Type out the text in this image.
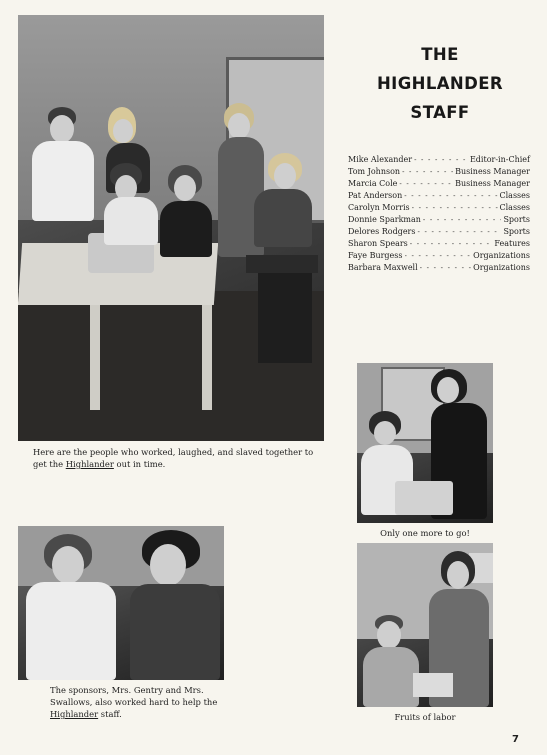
Here are the people who worked, laughed, and slaved together to get the Highlander out in time.
THE
HIGHLANDER
STAFF
Mike Alexander - - -	Editor-in-Chief
Tom Johnson - - -	Business Manager
Marcia Cole - - -	Business Manager
Pat Anderson - - -	Classes
Carolyn Morris - - -	Classes
Donnie Sparkman - - -	Sports
Delores Rodgers - - -	Sports
Sharon Spears - - -	Features
Faye Burgess - - -	Organizations
Barbara Maxwell - - -	Organizations
Only one more to go!
The sponsors, Mrs. Gentry and Mrs. Swallows, also worked hard to help the Highlander staff.	Fruits of labor
7
